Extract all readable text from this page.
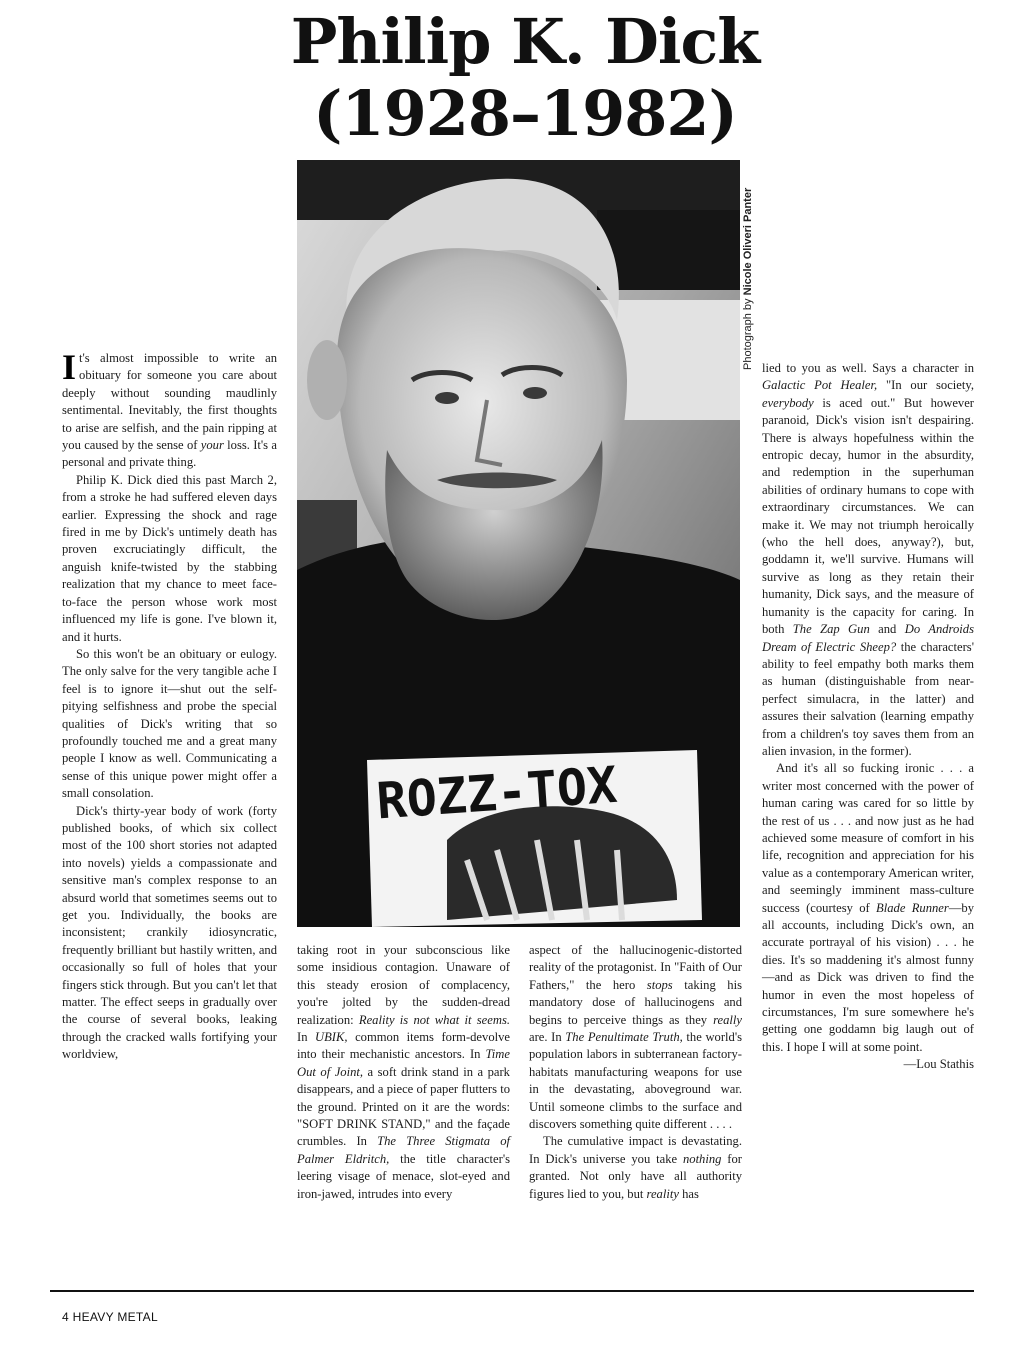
Philip K. Dick
(1928–1982)
ROZZ-TOX
Photograph by Nicole Oliveri Panter

It's almost impossible to write an obituary for someone you care about deeply without sounding maudlinly sentimental. Inevitably, the first thoughts to arise are selfish, and the pain ripping at you caused by the sense of your loss. It's a personal and private thing.

Philip K. Dick died this past March 2, from a stroke he had suffered eleven days earlier. Expressing the shock and rage fired in me by Dick's untimely death has proven excruciatingly difficult, the anguish knife-twisted by the stabbing realization that my chance to meet face-to-face the person whose work most influenced my life is gone. I've blown it, and it hurts.

So this won't be an obituary or eulogy. The only salve for the very tangible ache I feel is to ignore it—shut out the self-pitying selfishness and probe the special qualities of Dick's writing that so profoundly touched me and a great many people I know as well. Communicating a sense of this unique power might offer a small consolation.

Dick's thirty-year body of work (forty published books, of which six collect most of the 100 short stories not adapted into novels) yields a compassionate and sensitive man's complex response to an absurd world that sometimes seems out to get you. Individually, the books are inconsistent; crankily idiosyncratic, frequently brilliant but hastily written, and occasionally so full of holes that your fingers stick through. But you can't let that matter. The effect seeps in gradually over the course of several books, leaking through the cracked walls fortifying your worldview,

taking root in your subconscious like some insidious contagion. Unaware of this steady erosion of complacency, you're jolted by the sudden-dread realization: Reality is not what it seems. In UBIK, common items form-devolve into their mechanistic ancestors. In Time Out of Joint, a soft drink stand in a park disappears, and a piece of paper flutters to the ground. Printed on it are the words: "SOFT DRINK STAND," and the façade crumbles. In The Three Stigmata of Palmer Eldritch, the title character's leering visage of menace, slot-eyed and iron-jawed, intrudes into every

aspect of the hallucinogenic-distorted reality of the protagonist. In "Faith of Our Fathers," the hero stops taking his mandatory dose of hallucinogens and begins to perceive things as they really are. In The Penultimate Truth, the world's population labors in subterranean factory-habitats manufacturing weapons for use in the devastating, aboveground war. Until someone climbs to the surface and discovers something quite different . . . .

The cumulative impact is devastating. In Dick's universe you take nothing for granted. Not only have all authority figures lied to you, but reality has

lied to you as well. Says a character in Galactic Pot Healer, "In our society, everybody is aced out." But however paranoid, Dick's vision isn't despairing. There is always hopefulness within the entropic decay, humor in the absurdity, and redemption in the superhuman abilities of ordinary humans to cope with extraordinary circumstances. We can make it. We may not triumph heroically (who the hell does, anyway?), but, goddamn it, we'll survive. Humans will survive as long as they retain their humanity, Dick says, and the measure of humanity is the capacity for caring. In both The Zap Gun and Do Androids Dream of Electric Sheep? the characters' ability to feel empathy both marks them as human (distinguishable from near-perfect simulacra, in the latter) and assures their salvation (learning empathy from a children's toy saves them from an alien invasion, in the former).

And it's all so fucking ironic . . . a writer most concerned with the power of human caring was cared for so little by the rest of us . . . and now just as he had achieved some measure of comfort in his life, recognition and appreciation for his value as a contemporary American writer, and seemingly imminent mass-culture success (courtesy of Blade Runner—by all accounts, including Dick's own, an accurate portrayal of his vision) . . . he dies. It's so maddening it's almost funny—and as Dick was driven to find the humor in even the most hopeless of circumstances, I'm sure somewhere he's getting one goddamn big laugh out of this. I hope I will at some point.

—Lou Stathis

4 HEAVY METAL
